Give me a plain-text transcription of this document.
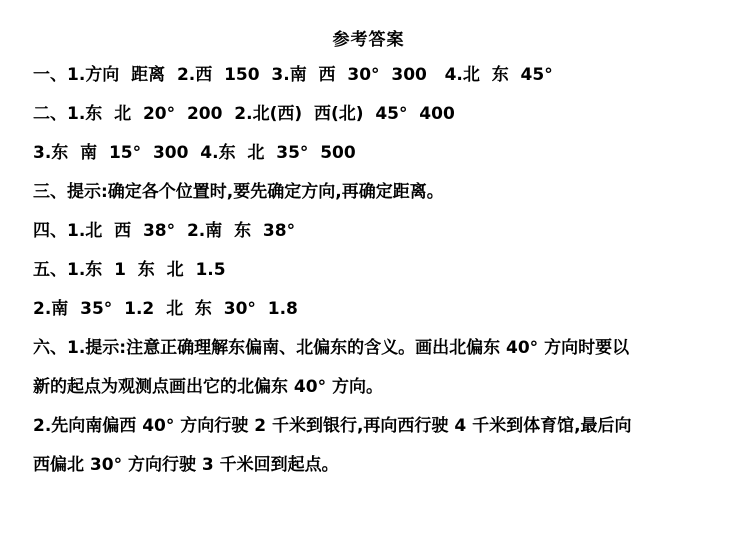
参考答案
一、1.方向  距离  2.西  150  3.南  西  30°  300   4.北  东  45°
二、1.东  北  20°  200  2.北(西)  西(北)  45°  400
3.东  南  15°  300  4.东  北  35°  500
三、提示:确定各个位置时,要先确定方向,再确定距离。
四、1.北  西  38°  2.南  东  38°
五、1.东  1  东  北  1.5
2.南  35°  1.2  北  东  30°  1.8
六、1.提示:注意正确理解东偏南、北偏东的含义。画出北偏东 40° 方向时要以
新的起点为观测点画出它的北偏东 40° 方向。
2.先向南偏西 40° 方向行驶 2 千米到银行,再向西行驶 4 千米到体育馆,最后向
西偏北 30° 方向行驶 3 千米回到起点。
